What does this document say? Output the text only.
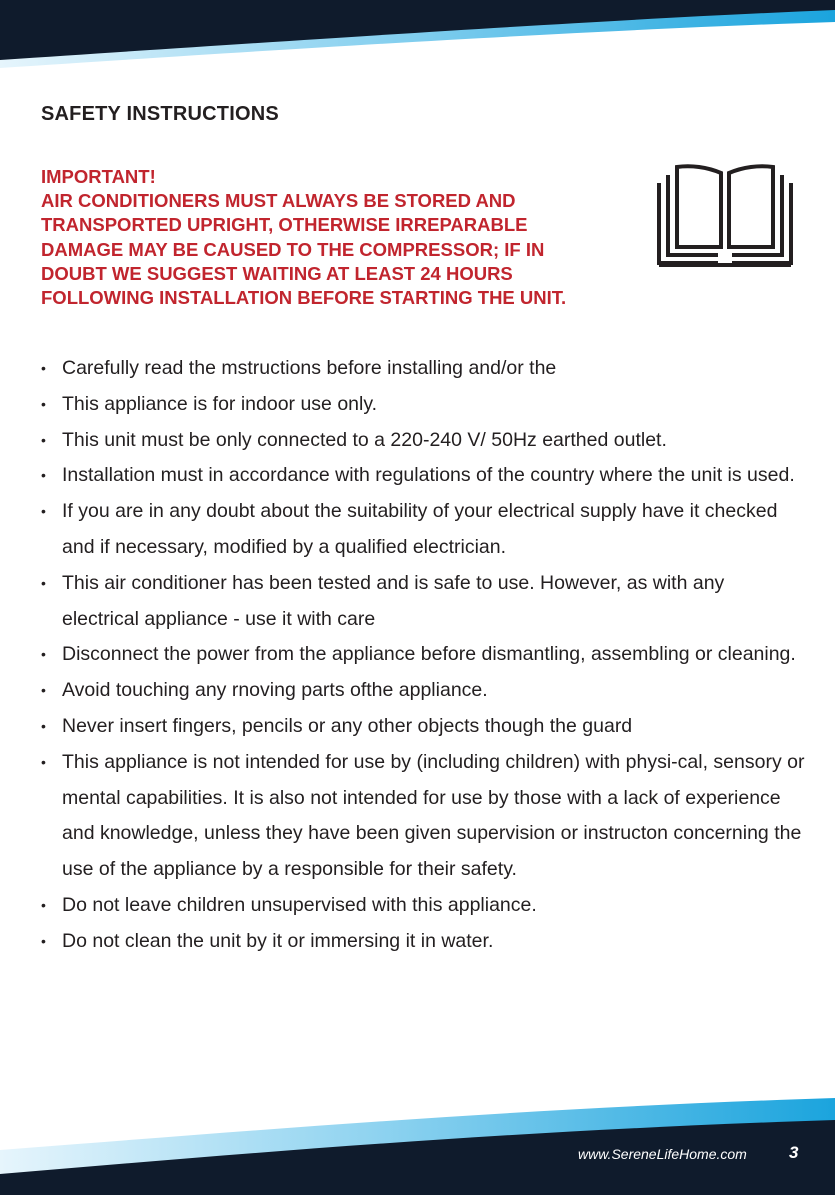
SAFETY INSTRUCTIONS
IMPORTANT!
AIR CONDITIONERS MUST ALWAYS BE STORED AND
TRANSPORTED UPRIGHT, OTHERWISE IRREPARABLE
DAMAGE MAY BE CAUSED TO THE COMPRESSOR; IF IN
DOUBT WE SUGGEST WAITING AT LEAST 24 HOURS
FOLLOWING INSTALLATION BEFORE STARTING THE UNIT.
• Carefully read the mstructions before installing and/or the
• This appliance is for indoor use only.
• This unit must be only connected to a 220-240 V/ 50Hz earthed outlet.
• Installation must in accordance with regulations of the country where the unit is used.
• If you are in any doubt about the suitability of your electrical supply have it checked and if necessary, modified by a qualified electrician.
• This air conditioner has been tested and is safe to use. However, as with any electrical appliance - use it with care
• Disconnect the power from the appliance before dismantling, assembling or cleaning.
• Avoid touching any rnoving parts ofthe appliance.
• Never insert fingers, pencils or any other objects though the guard
• This appliance is not intended for use by (including children) with physi-cal, sensory or mental capabilities. It is also not intended for use by those with a lack of experience and knowledge, unless they have been given supervision or instructon concerning the use of the appliance by a responsible for their safety.
• Do not leave children unsupervised with this appliance.
• Do not clean the unit by it or immersing it in water.
www.SereneLifeHome.com 3
